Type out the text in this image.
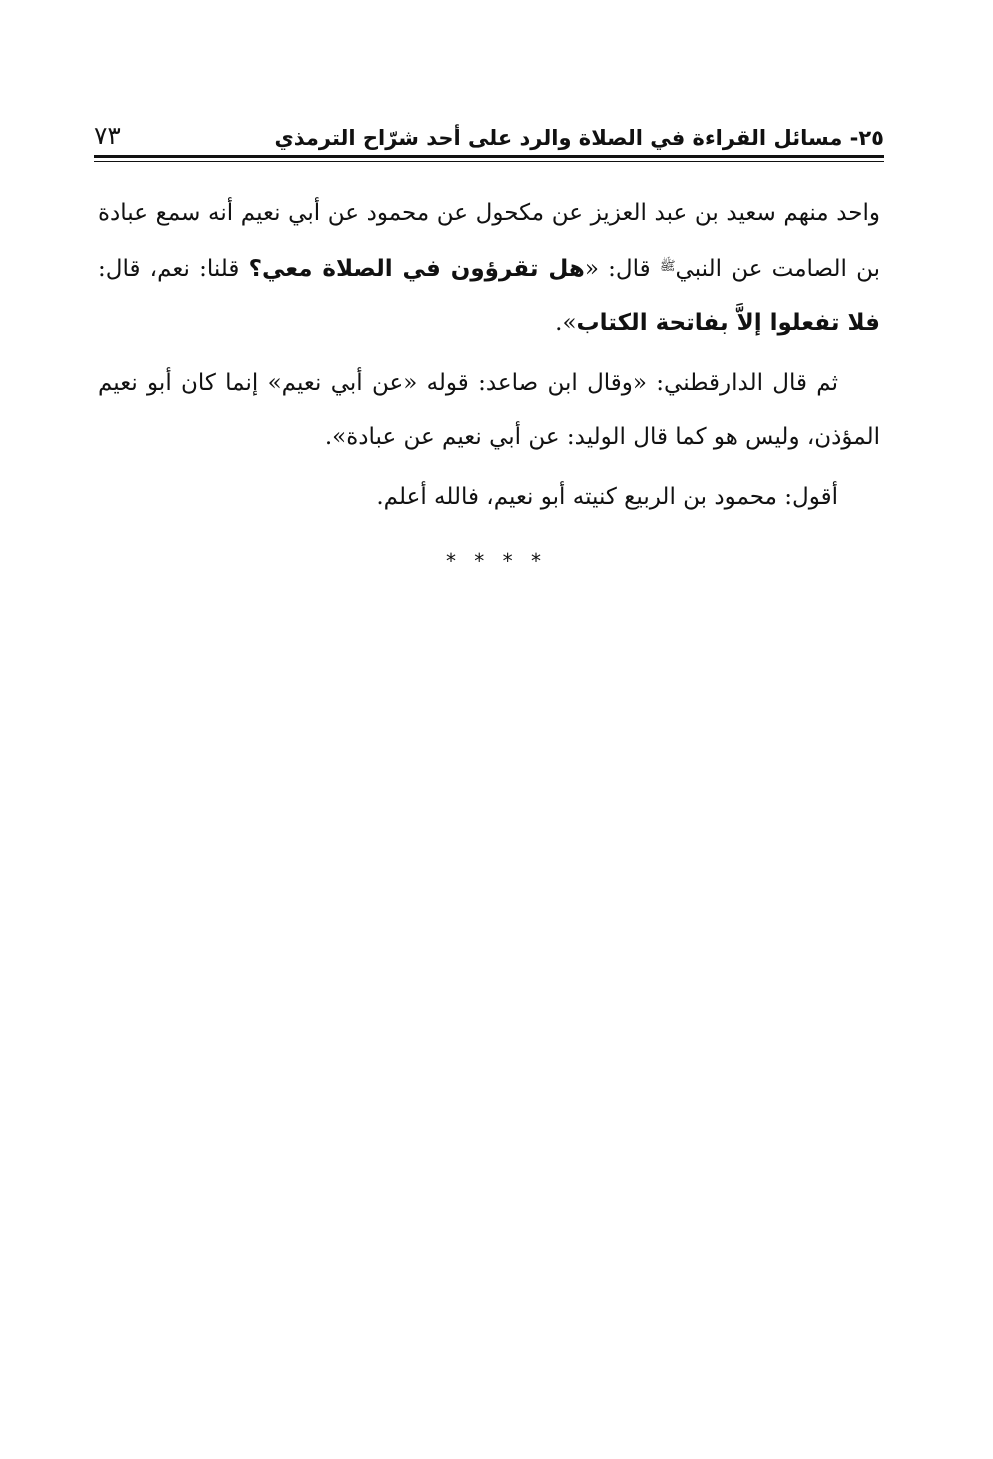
٢٥- مسائل القراءة في الصلاة والرد على أحد شرّاح الترمذي
٧٣

واحد منهم سعيد بن عبد العزيز عن مكحول عن محمود عن أبي نعيم أنه سمع عبادة بن الصامت عن النبي$^ﷺ$ قال: «هل تقرؤون في الصلاة معي؟ قلنا: نعم، قال: فلا تفعلوا إلاَّ بفاتحة الكتاب».

ثم قال الدارقطني: «وقال ابن صاعد: قوله «عن أبي نعيم» إنما كان أبو نعيم المؤذن، وليس هو كما قال الوليد: عن أبي نعيم عن عبادة».

أقول: محمود بن الربيع كنيته أبو نعيم، فالله أعلم.

* * * *
